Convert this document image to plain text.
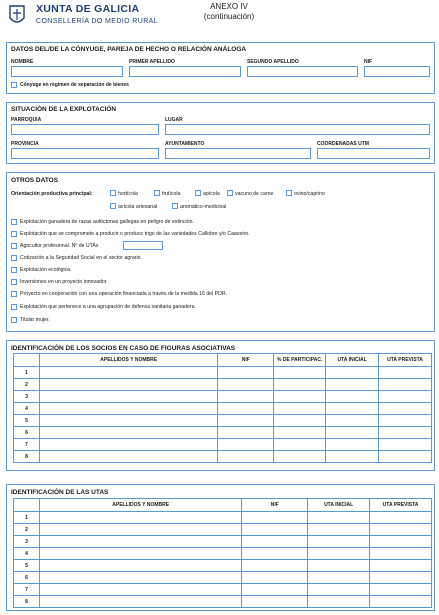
XUNTA DE GALICIA
CONSELLERÍA DO MEDIO RURAL
ANEXO IV
(continuación)
DATOS DEL/DE LA CÓNYUGE, PAREJA DE HECHO O RELACIÓN ANÁLOGA
NOMBRE	PRIMER APELLIDO	SEGUNDO APELLIDO	NIF
Cónyuge en régimen de separación de bienes
SITUACIÓN DE LA EXPLOTACIÓN
PARROQUIA	LUGAR
PROVINCIA	AYUNTAMIENTO	COORDENADAS UTM
OTROS DATOS
Orientación productiva principal:	hortícola	frutícola	apícola	vacuno de carne	ovino/caprino
avícola artesanal	aromático-medicinal
Explotación ganadera de razas autóctonas gallegas en peligro de extinción.
Explotación que se compromete a producir o produce trigo de las variedades Callobre y/o Caaveiro.
Agricultor profesional. Nº de UTAs
Cotización a la Seguridad Social en el sector agrario.
Explotación ecológica.
Inversiones en un proyecto innovador.
Proyecto en cooperación con una operación financiada a través de la medida 16 del PDR.
Explotación que pertenece a una agrupación de defensa sanitaria ganadera.
Titular mujer.
IDENTIFICACIÓN DE LOS SOCIOS EN CASO DE FIGURAS ASOCIATIVAS
	APELLIDOS Y NOMBRE	NIF	% DE PARTICIPAC.	UTA INICIAL	UTA PREVISTA
1					
2					
3					
4					
5					
6					
7					
8					
IDENTIFICACIÓN DE LAS UTAS
	APELLIDOS Y NOMBRE	NIF	UTA INICIAL	UTA PREVISTA
1				
2				
3				
4				
5				
6				
7				
8				
